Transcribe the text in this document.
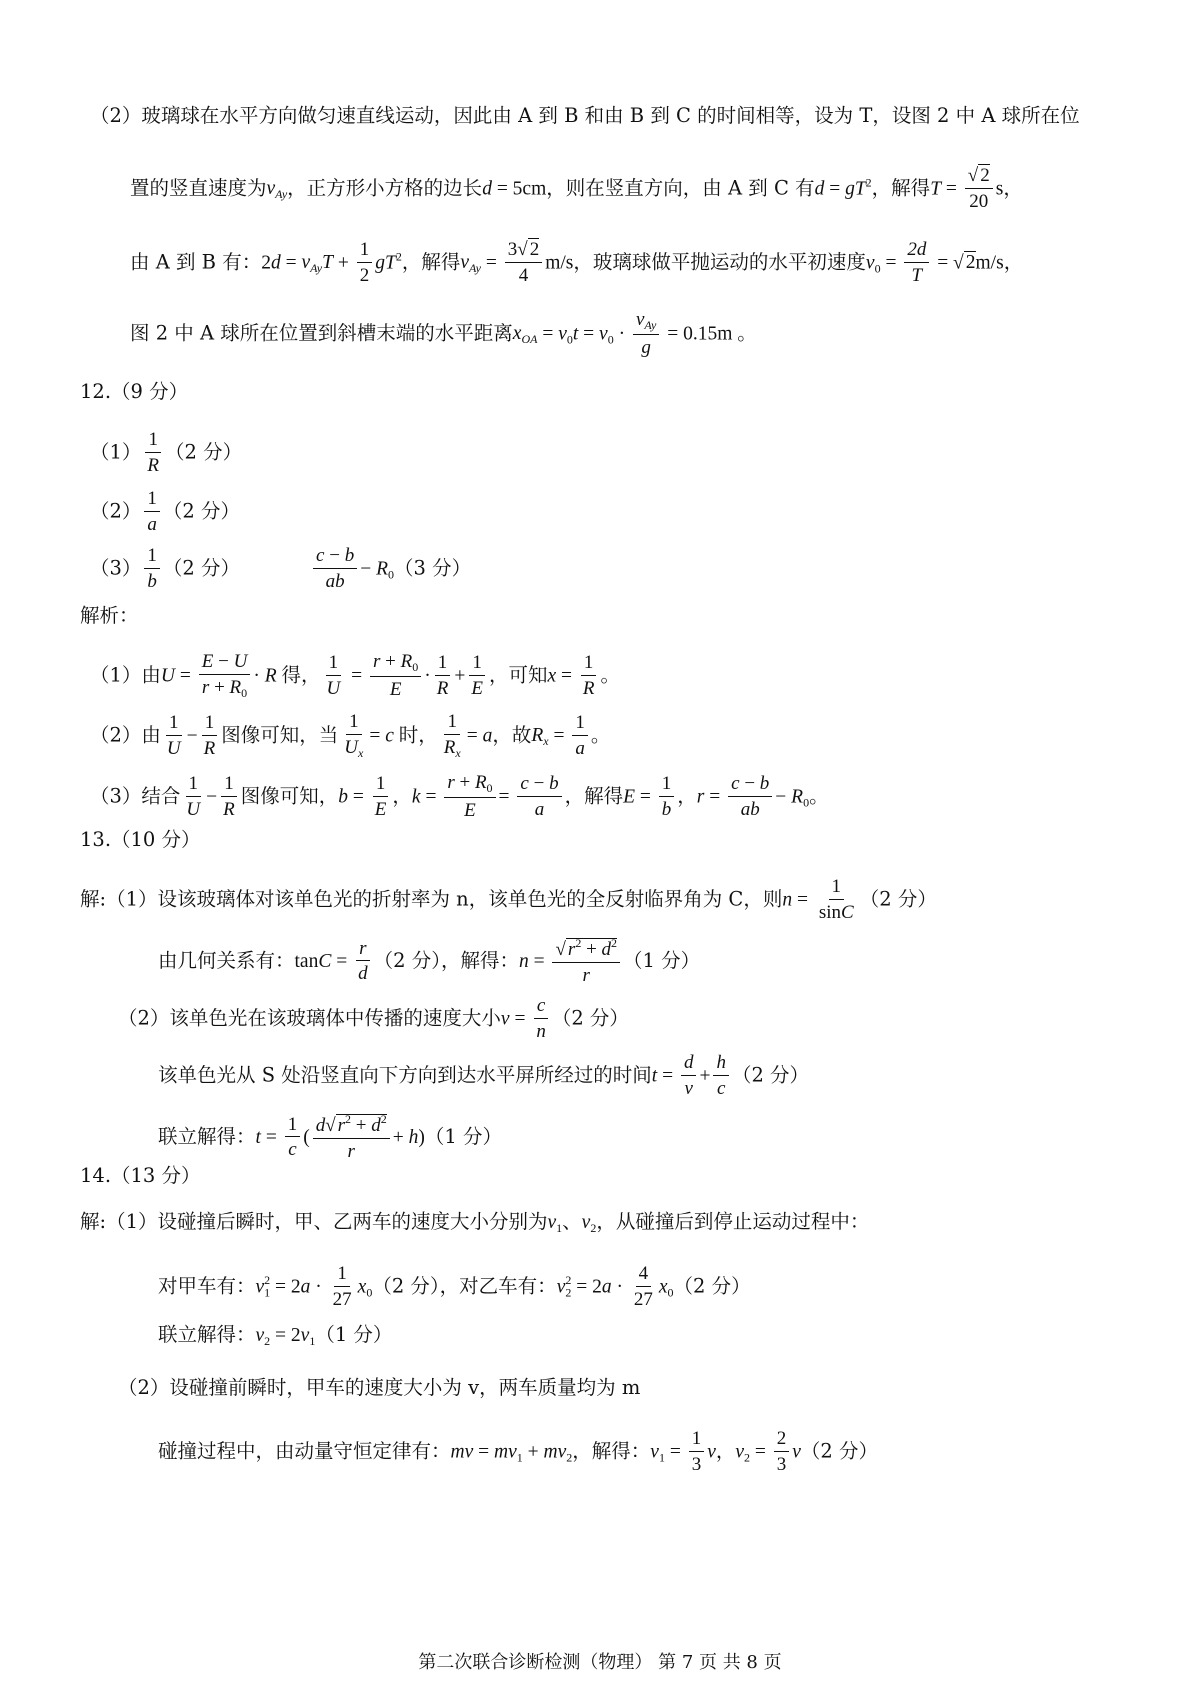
（2）玻璃球在水平方向做匀速直线运动，因此由 A 到 B 和由 B 到 C 的时间相等，设为 T，设图 2 中 A 球所在位
置的竖直速度为$v_{Ay}$，正方形小方格的边长d = 5cm，则在竖直方向，由 A 到 C 有$d = gT^2$，解得$T = \frac{√ 2}{20}$ s，
由 A 到 B 有：$2d = v_{Ay}T + \frac{1}{2} gT^2$，解得$v_{Ay} = \frac{3√ 2}{4} m/s$，玻璃球做平抛运动的水平初速度$v_0 = \frac{2d}{T}$ = √ 2m/s，
图 2 中 A 球所在位置到斜槽末端的水平距离$x_{OA} = v_0t = v_0 \cdot \frac{v_{Ay}}{g} = 0.15m$ 。
12.（9 分）
$(1) \frac{1}{R} (2$ 分）
$(2) \frac{1}{a} (2$ 分）
$(3) \frac{1}{b} (2$ 分）	$\frac{c - b}{ab} - R_0(3$ 分）
解析：
（1）由$U = \frac{E - U}{r + R_0} \cdot R$ 得， $\frac{1}{U} = \frac{r + R_0}{E} \cdot \frac{1}{R} + \frac{1}{E}$ ，可知$x = \frac{1}{R}$ 。
（2）由 $\frac{1}{U} - \frac{1}{R}$ 图像可知，当 $\frac{1}{U_x} = c$ 时， $\frac{1}{R_x} = a$，故$R_x = \frac{1}{a}$ 。
（3）结合 $\frac{1}{U} - \frac{1}{R}$ 图像可知，$b = \frac{1}{E}$ ，$k = \frac{r + R_0}{E} = \frac{c - b}{a}$ ，解得$E = \frac{1}{b}$ ，$r = \frac{c - b}{ab} - R_0$。
13.（10 分）
解:（1）设该玻璃体对该单色光的折射率为 n，该单色光的全反射临界角为 C，则$n = \frac{1}{\sin C} (2$ 分）
由几何关系有：$\tan C = \frac{r}{d} (2$ 分），解得：$n = \frac{√ r^2 + d^2}{r} (1$ 分）
（2）该单色光在该玻璃体中传播的速度大小$v = \frac{c}{n} (2$ 分）
该单色光从 S 处沿竖直向下方向到达水平屏所经过的时间$t = \frac{d}{v} + \frac{h}{c} (2$ 分）
联立解得：$t = \frac{1}{c}$ ( $\frac{d√ r^2 + d^2}{r} + h)(1$ 分）
14.（13 分）
解:（1）设碰撞后瞬时，甲、乙两车的速度大小分别为$v_1$、$v_2$，从碰撞后到停止运动过程中：
对甲车有：$v_1^2 = 2a \cdot \frac{1}{27} x_0(2$ 分），对乙车有：$v_2^2 = 2a \cdot \frac{4}{27} x_0(2$ 分）
联立解得：$v_2 = 2v_1(1$ 分）
（2）设碰撞前瞬时，甲车的速度大小为 v，两车质量均为 m
碰撞过程中，由动量守恒定律有：mv = $mv_1 + mv_2$，解得：$v_1 = \frac{1}{3}$ v，$v_2 = \frac{2}{3} v(2$ 分）
第二次联合诊断检测（物理） 第 7 页 共 8 页
